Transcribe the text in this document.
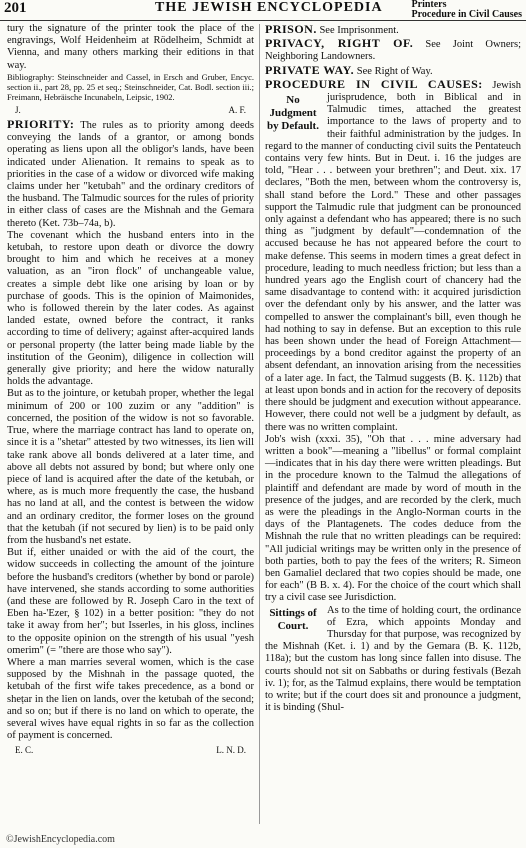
201	THE JEWISH ENCYCLOPEDIA	Printers
Procedure in Civil Causes

tury the signature of the printer took the place of the engravings, Wolf Heidenheim at Rödelheim, Schmidt at Vienna, and many others marking their editions in that way.

Bibliography: Steinschneider and Cassel, in Ersch and Gruber, Encyc. section ii., part 28, pp. 25 et seq.; Steinschneider, Cat. Bodl. section iii.; Freimann, Hebräische Incunabeln, Leipsic, 1902.

J.	A. F.

PRIORITY: The rules as to priority among deeds conveying the lands of a grantor, or among bonds operating as liens upon all the obligor's lands, have been indicated under Alienation. It remains to speak as to priorities in the case of a widow or divorced wife making claims under her "ketubah" and the ordinary creditors of the husband. The Talmudic sources for the rules of priority in either class of cases are the Mishnah and the Gemara thereto (Ket. 73b–74a, b).

The covenant which the husband enters into in the ketubah, to restore upon death or divorce the dowry brought to him and which he receives at a money valuation, as an "iron flock" of unchangeable value, creates a simple debt like one arising by loan or by purchase of goods. This is the opinion of Maimonides, who is followed therein by the later codes. As against landed estate, owned before the contract, it ranks according to time of delivery; against after-acquired lands or personal property (the latter being made liable by the institution of the Geonim), diligence in collection will generally give priority; and here the widow naturally holds the advantage.

But as to the jointure, or ketubah proper, whether the legal minimum of 200 or 100 zuzim or any "addition" is concerned, the position of the widow is not so favorable. True, where the marriage contract has land to operate on, since it is a "shetar" attested by two witnesses, its lien will take rank above all bonds delivered at a later time, and above all debts not assured by bond; but where only one piece of land is acquired after the date of the ketubah, or where, as is much more frequently the case, the husband has no land at all, and the contest is between the widow and an ordinary creditor, the former loses on the ground that the ketubah (if not secured by lien) is to be paid only from the husband's net estate.

But if, either unaided or with the aid of the court, the widow succeeds in collecting the amount of the jointure before the husband's creditors (whether by bond or parole) have intervened, she stands according to some authorities (and these are followed by R. Joseph Caro in the text of Eben ha-'Ezer, § 102) in a better position: "they do not take it away from her"; but Isserles, in his gloss, inclines to the opposite opinion on the strength of his usual "yesh omerim" (= "there are those who say").

Where a man marries several women, which is the case supposed by the Mishnah in the passage quoted, the ketubah of the first wife takes precedence, as a bond or sheṭar in the lien on lands, over the ketubah of the second; and so on; but if there is no land on which to operate, the several wives have equal rights in so far as the collection of payment is concerned.

E. C.	L. N. D.

PRISON. See Imprisonment.

PRIVACY, RIGHT OF. See Joint Owners; Neighboring Landowners.

PRIVATE WAY. See Right of Way.

PROCEDURE IN CIVIL CAUSES:
No Judgment by Default.
Jewish jurisprudence, both in Biblical and in Talmudic times, attached the greatest importance to the laws of property and to their faithful administration by the judges. In regard to the manner of conducting civil suits the Pentateuch contains very few hints. But in Deut. i. 16 the judges are told, "Hear . . . between your brethren"; and Deut. xix. 17 declares, "Both the men, between whom the controversy is, shall stand before the Lord." These and other passages support the Talmudic rule that judgment can be pronounced only against a defendant who has appeared; there is no such thing as "judgment by default"—condemnation of the accused because he has not appeared before the court to make defense. This seems in modern times a great defect in procedure, leading to much needless friction; but less than a hundred years ago the English court of chancery had the same disadvantage to contend with: it acquired jurisdiction over the defendant only by his answer, and the latter was compelled to answer the complainant's bill, even though he had nothing to say in defense. But an exception to this rule has been shown under the head of Foreign Attachment—proceedings by a bond creditor against the property of an absent defendant, an innovation arising from the necessities of a later age. In fact, the Talmud suggests (B. Ḳ. 112b) that at least upon bonds and in action for the recovery of deposits there should be judgment and execution without appearance. However, there could not well be a judgment by default, as there was no written complaint.

Job's wish (xxxi. 35), "Oh that . . . mine adversary had written a book"—meaning a "libellus" or formal complaint—indicates that in his day there were written pleadings. But in the procedure known to the Talmud the allegations of plaintiff and defendant are made by word of mouth in the presence of the judges, and are recorded by the clerk, much as were the pleadings in the Anglo-Norman courts in the days of the Plantagenets. The codes deduce from the Mishnah the rule that no written pleadings can be required: "All judicial writings may be written only in the presence of both parties, both to pay the fees of the writers; R. Simeon ben Gamaliel declared that two copies should be made, one for each" (B B. x. 4). For the choice of the court which shall try a civil case see Jurisdiction.

Sittings of Court.
As to the time of holding court, the ordinance of Ezra, which appoints Monday and Thursday for that purpose, was recognized by the Mishnah (Ket. i. 1) and by the Gemara (B. Ḳ. 112b, 118a); but the custom has long since fallen into disuse. The courts should not sit on Sabbaths or during festivals (Bezah iv. 1); for, as the Talmud explains, there would be temptation to write; but if the court does sit and pronounce a judgment, it is binding (Shul-

©JewishEncyclopedia.com
